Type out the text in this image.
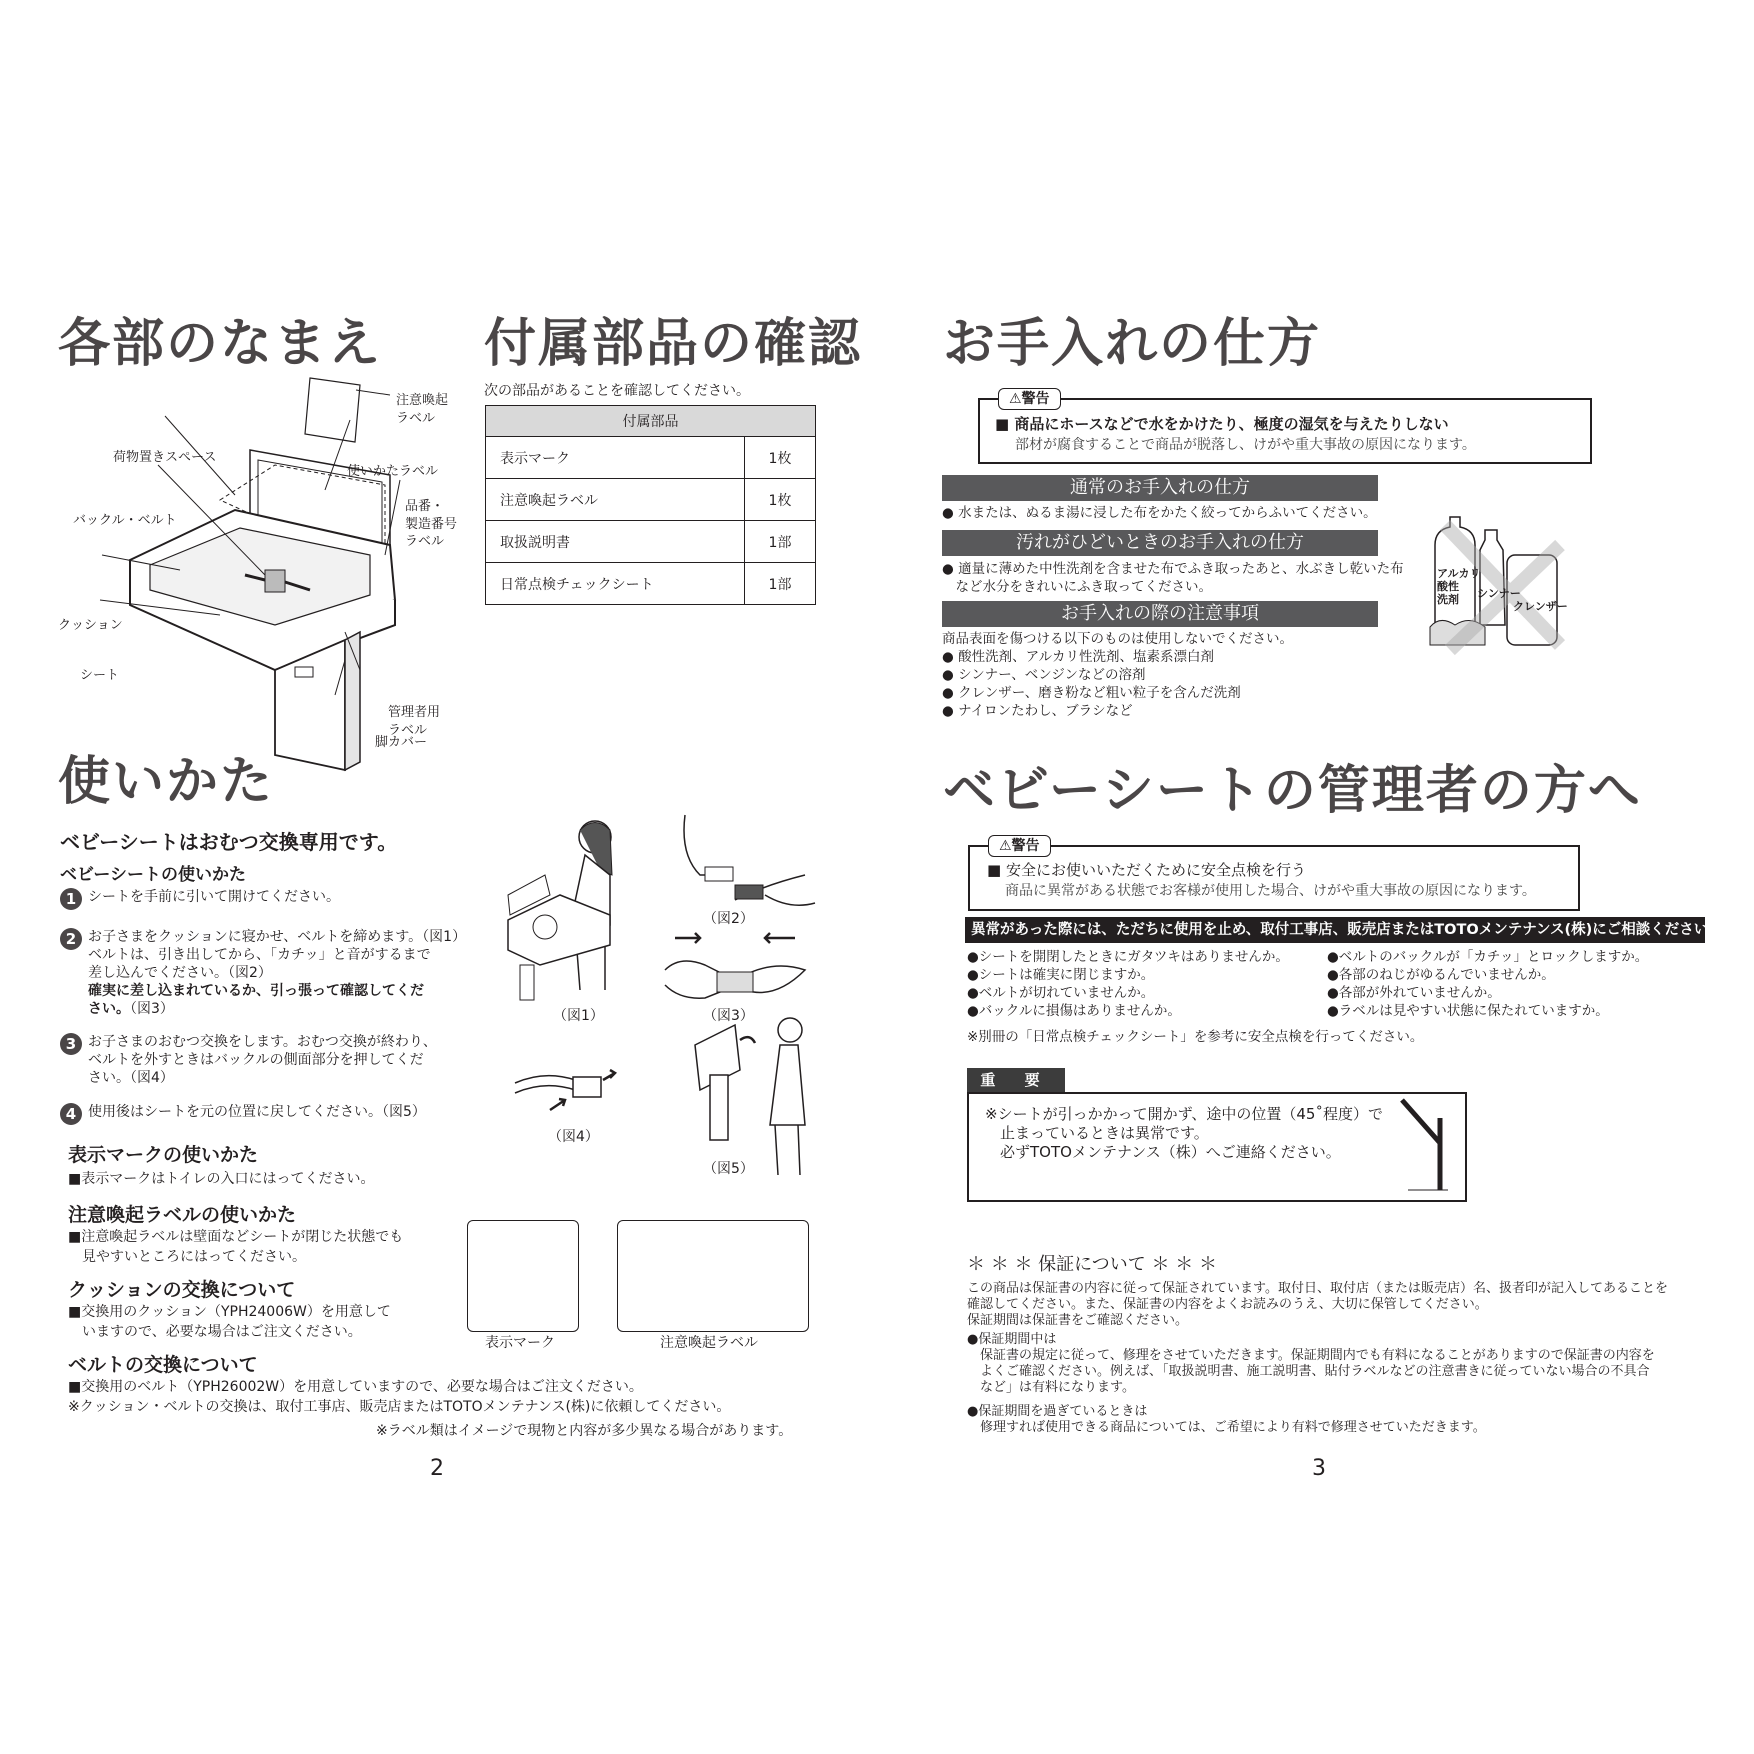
各部のなまえ 付属部品の確認
注意喚起
ラベル
荷物置きスペース
使いかたラベル
バックル・ベルト
品番・
製造番号
ラベル
クッション
シート
管理者用
ラベル
脚カバー
次の部品があることを確認してください。
付属部品	
表示マーク	1枚
注意喚起ラベル	1枚
取扱説明書	1部
日常点検チェックシート	1部
使いかた
ベビーシートはおむつ交換専用です。
ベビーシートの使いかた
1 シートを手前に引いて開けてください。
2 お子さまをクッションに寝かせ、ベルトを締めます。（図1）
ベルトは、引き出してから、「カチッ」と音がするまで
差し込んでください。（図2）
確実に差し込まれているか、引っ張って確認してくだ
さい。（図3）
3 お子さまのおむつ交換をします。おむつ交換が終わり、
ベルトを外すときはバックルの側面部分を押してくだ
さい。（図4）
4 使用後はシートを元の位置に戻してください。（図5）
（図1）
（図2）
（図3）
（図4）
（図5）
表示マークの使いかた
■表示マークはトイレの入口にはってください。
注意喚起ラベルの使いかた
■注意喚起ラベルは壁面などシートが閉じた状態でも
　見やすいところにはってください。
クッションの交換について
■交換用のクッション（YPH24006W）を用意して
　いますので、必要な場合はご注文ください。
ベルトの交換について
■交換用のベルト（YPH26002W）を用意していますので、必要な場合はご注文ください。
※クッション・ベルトの交換は、取付工事店、販売店またはTOTOメンテナンス(株)に依頼してください。
表示マーク	注意喚起ラベル
※ラベル類はイメージで現物と内容が多少異なる場合があります。
2
お手入れの仕方
⚠警告
■ 商品にホースなどで水をかけたり、極度の湿気を与えたりしない
部材が腐食することで商品が脱落し、けがや重大事故の原因になります。
通常のお手入れの仕方
● 水または、ぬるま湯に浸した布をかたく絞ってからふいてください。
汚れがひどいときのお手入れの仕方
● 適量に薄めた中性洗剤を含ませた布でふき取ったあと、水ぶきし乾いた布
　など水分をきれいにふき取ってください。
お手入れの際の注意事項
商品表面を傷つける以下のものは使用しないでください。
● 酸性洗剤、アルカリ性洗剤、塩素系漂白剤
● シンナー、ベンジンなどの溶剤
● クレンザー、磨き粉など粗い粒子を含んだ洗剤
● ナイロンたわし、ブラシなど
アルカリ
酸性
洗剤	シンナー
クレンザー
ベビーシートの管理者の方へ
⚠警告
■ 安全にお使いいただくために安全点検を行う
商品に異常がある状態でお客様が使用した場合、けがや重大事故の原因になります。
異常があった際には、ただちに使用を止め、取付工事店、販売店またはTOTOメンテナンス(株)にご相談ください。
●シートを開閉したときにガタツキはありませんか。
●シートは確実に閉じますか。
●ベルトが切れていませんか。
●バックルに損傷はありませんか。
●ベルトのバックルが「カチッ」とロックしますか。
●各部のねじがゆるんでいませんか。
●各部が外れていませんか。
●ラベルは見やすい状態に保たれていますか。
※別冊の「日常点検チェックシート」を参考に安全点検を行ってください。
重 要
※シートが引っかかって開かず、途中の位置（45˚程度）で
　止まっているときは異常です。
　必ずTOTOメンテナンス（株）へご連絡ください。
＊ ＊ ＊ 保証について ＊ ＊ ＊
この商品は保証書の内容に従って保証されています。取付日、取付店（または販売店）名、扱者印が記入してあることを
確認してください。また、保証書の内容をよくお読みのうえ、大切に保管してください。
保証期間は保証書をご確認ください。
●保証期間中は
　保証書の規定に従って、修理をさせていただきます。保証期間内でも有料になることがありますので保証書の内容を
　よくご確認ください。例えば、「取扱説明書、施工説明書、貼付ラベルなどの注意書きに従っていない場合の不具合
　など」は有料になります。
●保証期間を過ぎているときは
　修理すれば使用できる商品については、ご希望により有料で修理させていただきます。
3
